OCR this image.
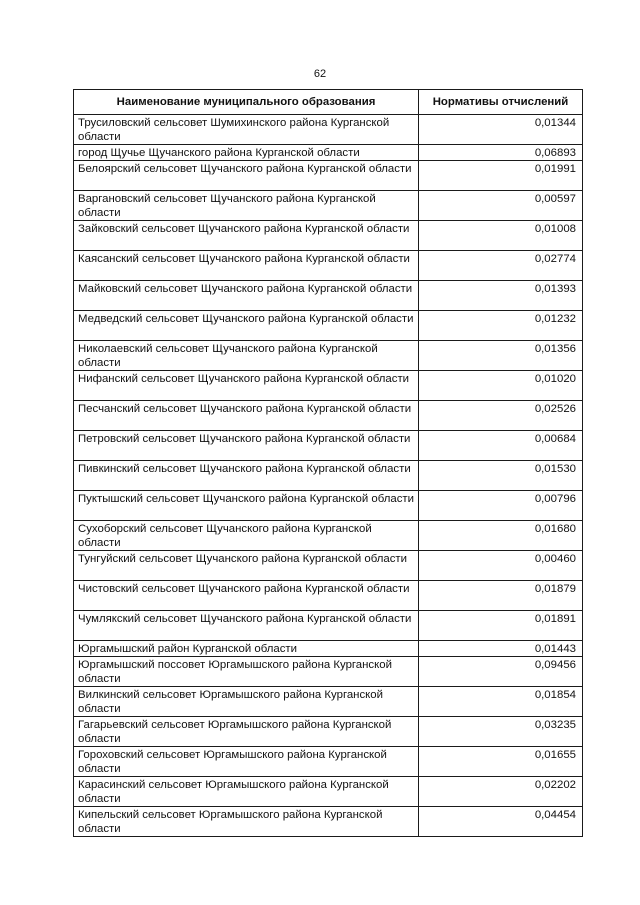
62
Наименование муниципального образования	Нормативы отчислений
Трусиловский сельсовет Шумихинского района Курганской области	0,01344
город Щучье Щучанского района Курганской области	0,06893
Белоярский сельсовет Щучанского района Курганской области	0,01991
Варгановский сельсовет Щучанского района Курганской области	0,00597
Зайковский сельсовет Щучанского района Курганской области	0,01008
Каясанский сельсовет Щучанского района Курганской области	0,02774
Майковский сельсовет Щучанского района Курганской области	0,01393
Медведский сельсовет Щучанского района Курганской области	0,01232
Николаевский сельсовет Щучанского района Курганской области	0,01356
Нифанский сельсовет Щучанского района Курганской области	0,01020
Песчанский сельсовет Щучанского района Курганской области	0,02526
Петровский сельсовет Щучанского района Курганской области	0,00684
Пивкинский сельсовет Щучанского района Курганской области	0,01530
Пуктышский сельсовет Щучанского района Курганской области	0,00796
Сухоборский сельсовет Щучанского района Курганской области	0,01680
Тунгуйский сельсовет Щучанского района Курганской области	0,00460
Чистовский сельсовет Щучанского района Курганской области	0,01879
Чумлякский сельсовет Щучанского района Курганской области	0,01891
Юргамышский район Курганской области	0,01443
Юргамышский поссовет Юргамышского района Курганской области	0,09456
Вилкинский сельсовет Юргамышского района Курганской области	0,01854
Гагарьевский сельсовет Юргамышского района Курганской области	0,03235
Гороховский сельсовет Юргамышского района Курганской области	0,01655
Карасинский сельсовет Юргамышского района Курганской области	0,02202
Кипельский сельсовет Юргамышского района Курганской области	0,04454
